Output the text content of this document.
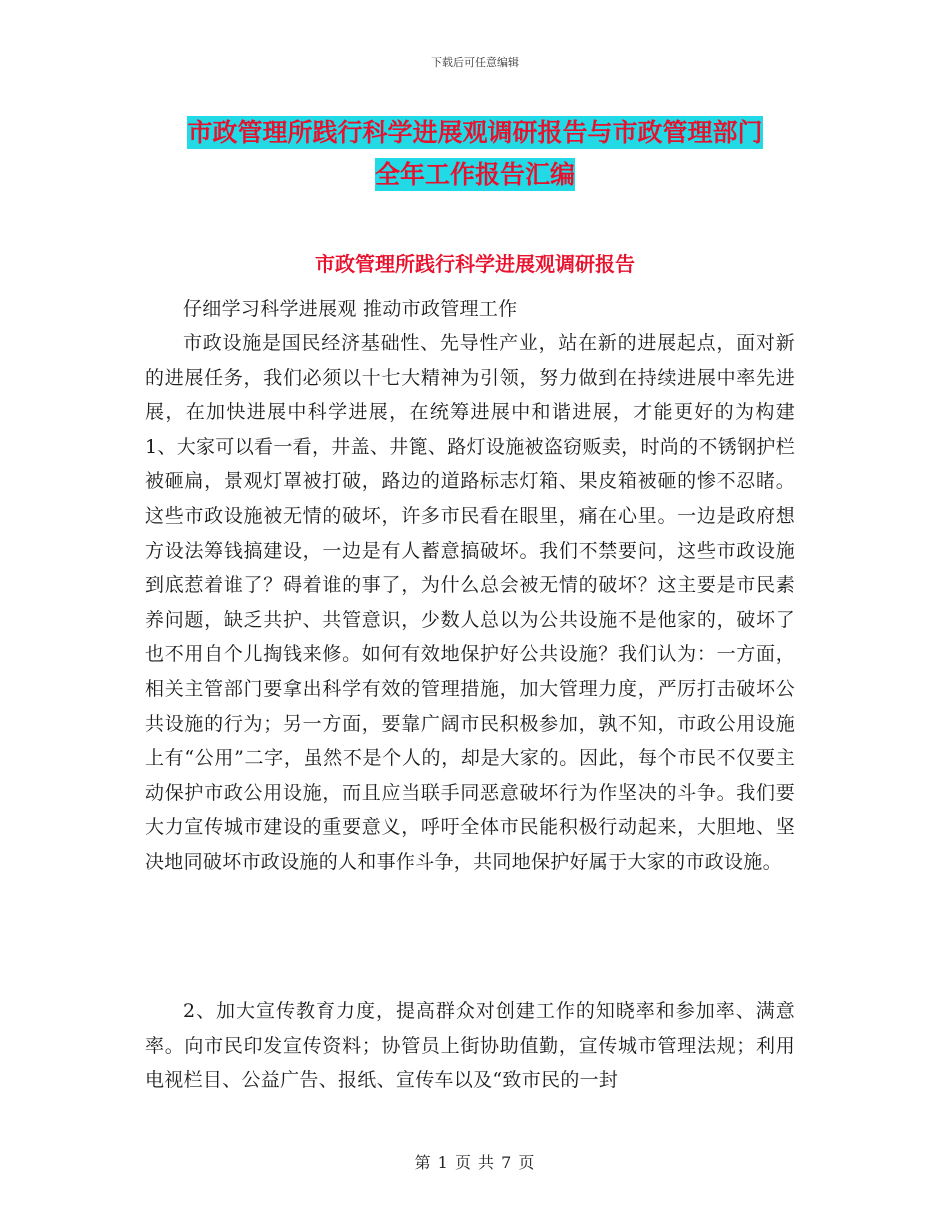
下载后可任意编辑
市政管理所践行科学进展观调研报告与市政管理部门
全年工作报告汇编
市政管理所践行科学进展观调研报告
仔细学习科学进展观 推动市政管理工作
市政设施是国民经济基础性、先导性产业，站在新的进展起点，面对新的进展任务，我们必须以十七大精神为引领，努力做到在持续进展中率先进展，在加快进展中科学进展，在统筹进展中和谐进展，才能更好的为构建 1、大家可以看一看，井盖、井篦、路灯设施被盗窃贩卖，时尚的不锈钢护栏被砸扁，景观灯罩被打破，路边的道路标志灯箱、果皮箱被砸的惨不忍睹。这些市政设施被无情的破坏，许多市民看在眼里，痛在心里。一边是政府想方设法筹钱搞建设，一边是有人蓄意搞破坏。我们不禁要问，这些市政设施到底惹着谁了？碍着谁的事了，为什么总会被无情的破坏？这主要是市民素养问题，缺乏共护、共管意识，少数人总以为公共设施不是他家的，破坏了也不用自个儿掏钱来修。如何有效地保护好公共设施？我们认为：一方面，相关主管部门要拿出科学有效的管理措施，加大管理力度，严厉打击破坏公共设施的行为；另一方面，要靠广阔市民积极参加，孰不知，市政公用设施上有“公用”二字，虽然不是个人的，却是大家的。因此，每个市民不仅要主动保护市政公用设施，而且应当联手同恶意破坏行为作坚决的斗争。我们要大力宣传城市建设的重要意义，呼吁全体市民能积极行动起来，大胆地、坚决地同破坏市政设施的人和事作斗争，共同地保护好属于大家的市政设施。
2、加大宣传教育力度，提高群众对创建工作的知晓率和参加率、满意率。向市民印发宣传资料；协管员上街协助值勤，宣传城市管理法规；利用电视栏目、公益广告、报纸、宣传车以及“致市民的一封
第 1 页 共 7 页
